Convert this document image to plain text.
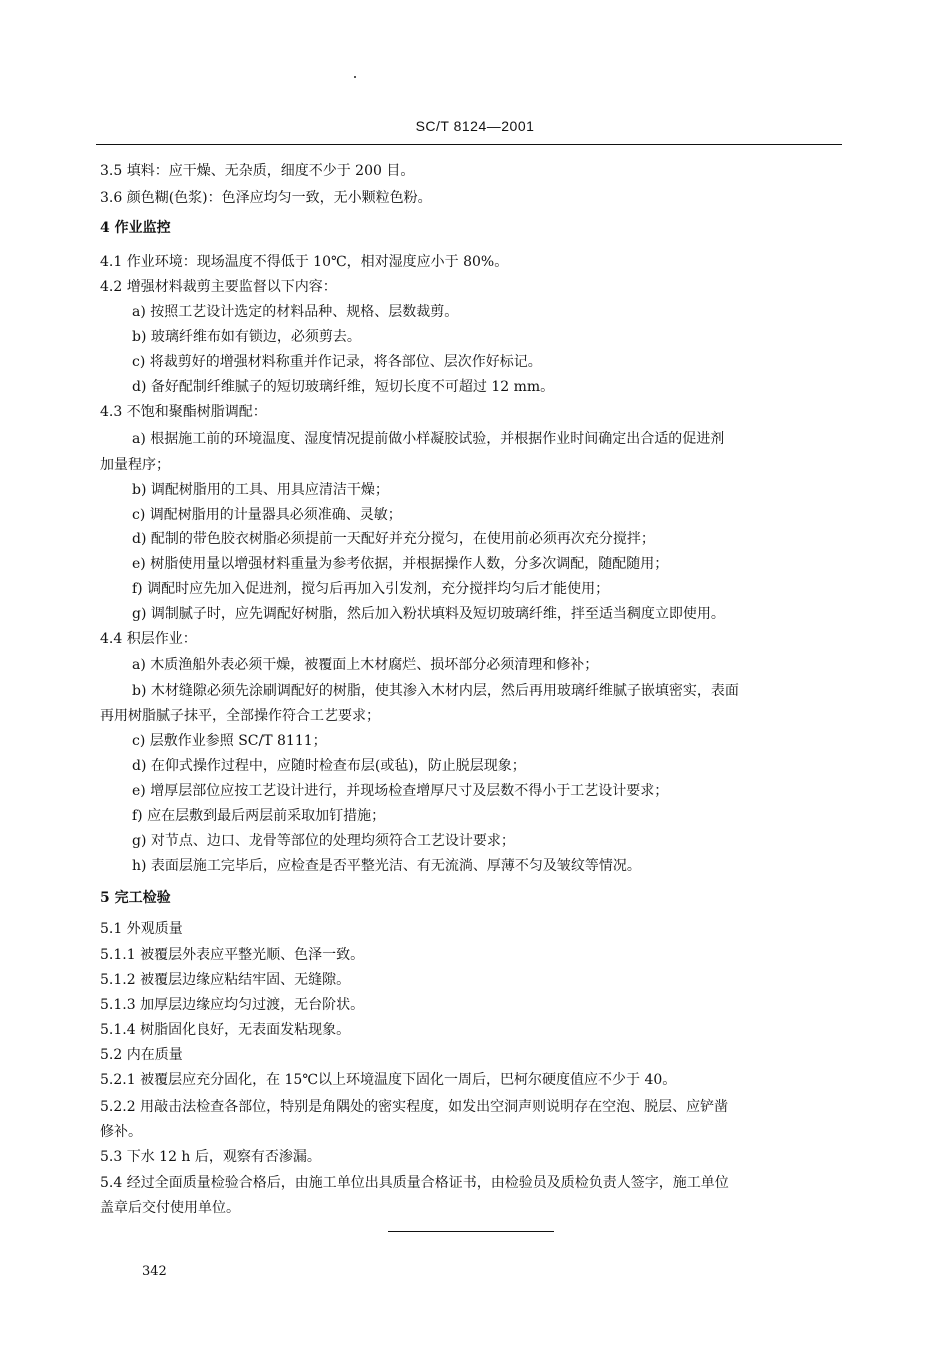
SC/T 8124—2001
3.5 填料：应干燥、无杂质，细度不少于 200 目。
3.6 颜色糊(色浆)：色泽应均匀一致，无小颗粒色粉。
4 作业监控
4.1 作业环境：现场温度不得低于 10℃，相对湿度应小于 80%。
4.2 增强材料裁剪主要监督以下内容：
a) 按照工艺设计选定的材料品种、规格、层数裁剪。
b) 玻璃纤维布如有锁边，必须剪去。
c) 将裁剪好的增强材料称重并作记录，将各部位、层次作好标记。
d) 备好配制纤维腻子的短切玻璃纤维，短切长度不可超过 12 mm。
4.3 不饱和聚酯树脂调配：
a) 根据施工前的环境温度、湿度情况提前做小样凝胶试验，并根据作业时间确定出合适的促进剂
加量程序；
b) 调配树脂用的工具、用具应清洁干燥；
c) 调配树脂用的计量器具必须准确、灵敏；
d) 配制的带色胶衣树脂必须提前一天配好并充分搅匀，在使用前必须再次充分搅拌；
e) 树脂使用量以增强材料重量为参考依据，并根据操作人数，分多次调配，随配随用；
f) 调配时应先加入促进剂，搅匀后再加入引发剂，充分搅拌均匀后才能使用；
g) 调制腻子时，应先调配好树脂，然后加入粉状填料及短切玻璃纤维，拌至适当稠度立即使用。
4.4 积层作业：
a) 木质渔船外表必须干燥，被覆面上木材腐烂、损坏部分必须清理和修补；
b) 木材缝隙必须先涂刷调配好的树脂，使其渗入木材内层，然后再用玻璃纤维腻子嵌填密实，表面
再用树脂腻子抹平，全部操作符合工艺要求；
c) 层敷作业参照 SC/T 8111；
d) 在仰式操作过程中，应随时检查布层(或毡)，防止脱层现象；
e) 增厚层部位应按工艺设计进行，并现场检查增厚尺寸及层数不得小于工艺设计要求；
f) 应在层敷到最后两层前采取加钉措施；
g) 对节点、边口、龙骨等部位的处理均须符合工艺设计要求；
h) 表面层施工完毕后，应检查是否平整光洁、有无流淌、厚薄不匀及皱纹等情况。
5 完工检验
5.1 外观质量
5.1.1 被覆层外表应平整光顺、色泽一致。
5.1.2 被覆层边缘应粘结牢固、无缝隙。
5.1.3 加厚层边缘应均匀过渡，无台阶状。
5.1.4 树脂固化良好，无表面发粘现象。
5.2 内在质量
5.2.1 被覆层应充分固化，在 15℃以上环境温度下固化一周后，巴柯尔硬度值应不少于 40。
5.2.2 用敲击法检查各部位，特别是角隅处的密实程度，如发出空洞声则说明存在空泡、脱层、应铲凿
修补。
5.3 下水 12 h 后，观察有否渗漏。
5.4 经过全面质量检验合格后，由施工单位出具质量合格证书，由检验员及质检负责人签字，施工单位
盖章后交付使用单位。
342
